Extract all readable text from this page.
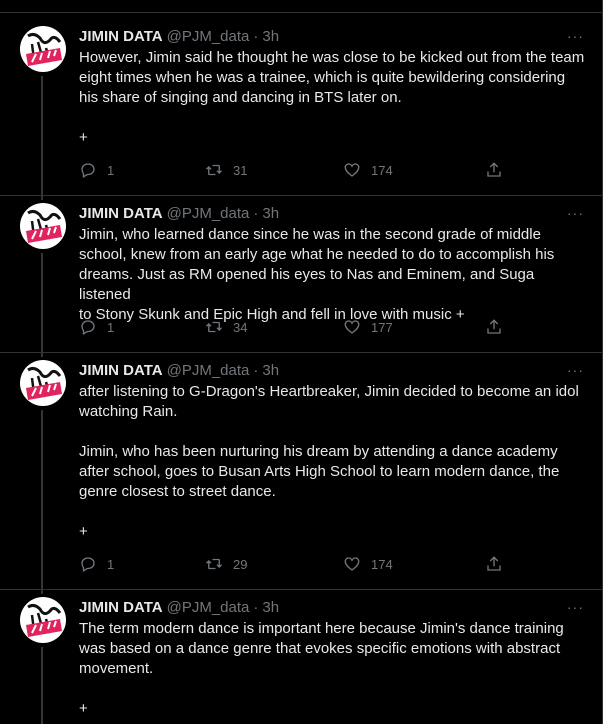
JIMIN DATA @PJM_data · 3h	···
However, Jimin said he thought he was close to be kicked out from the team
eight times when he was a trainee, which is quite bewildering considering
his share of singing and dancing in BTS later on.

+
1	31	174
JIMIN DATA @PJM_data · 3h	···
Jimin, who learned dance since he was in the second grade of middle
school, knew from an early age what he needed to do to accomplish his
dreams. Just as RM opened his eyes to Nas and Eminem, and Suga listened
to Stony Skunk and Epic High and fell in love with music +
1	34	177
JIMIN DATA @PJM_data · 3h	···
after listening to G-Dragon's Heartbreaker, Jimin decided to become an idol
watching Rain.

Jimin, who has been nurturing his dream by attending a dance academy
after school, goes to Busan Arts High School to learn modern dance, the
genre closest to street dance.

+
1	29	174
JIMIN DATA @PJM_data · 3h	···
The term modern dance is important here because Jimin's dance training
was based on a dance genre that evokes specific emotions with abstract
movement.

+
